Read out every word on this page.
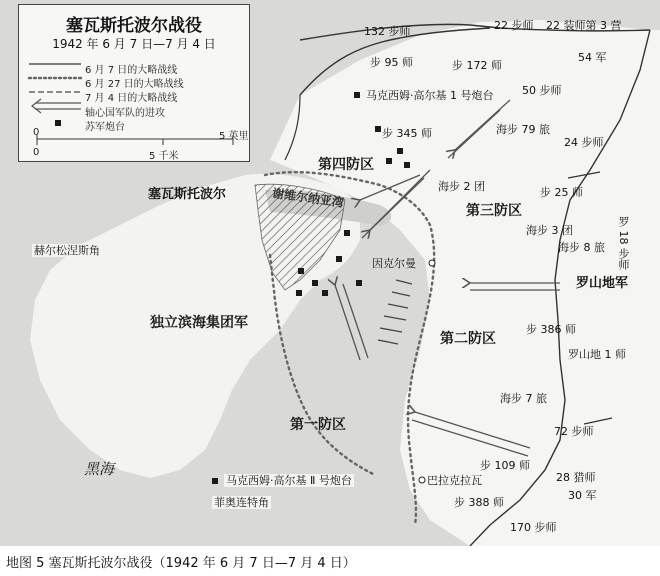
塞瓦斯托波尔战役
1942 年 6 月 7 日—7 月 4 日
6 月 7 日的大略战线
6 月 27 日的大略战线
7 月 4 日的大略战线
轴心国军队的进攻
苏军炮台
0	5 英里
0	5 千米
塞瓦斯托波尔
赫尔松涅斯角
因克尔曼
巴拉克拉瓦
菲奥连特角
谢维尔纳亚湾
黑海
独立滨海集团军
马克西姆·高尔基 1 号炮台
马克西姆·高尔基 Ⅱ 号炮台
第四防区
第三防区
第二防区
第一防区
132 步师	22 步师 22 装师第 3 营
54 军
步 95 师	步 172 师
50 步师
海步 79 旅
步 345 师
24 步师
海步 2 团	步 25 师
罗 18 步师
海步 3 团
海步 8 旅
罗山地军
步 386 师
罗山地 1 师
海步 7 旅
72 步师
步 109 师
28 猎师
30 军
步 388 师
170 步师
地图 5 塞瓦斯托波尔战役（1942 年 6 月 7 日—7 月 4 日）
